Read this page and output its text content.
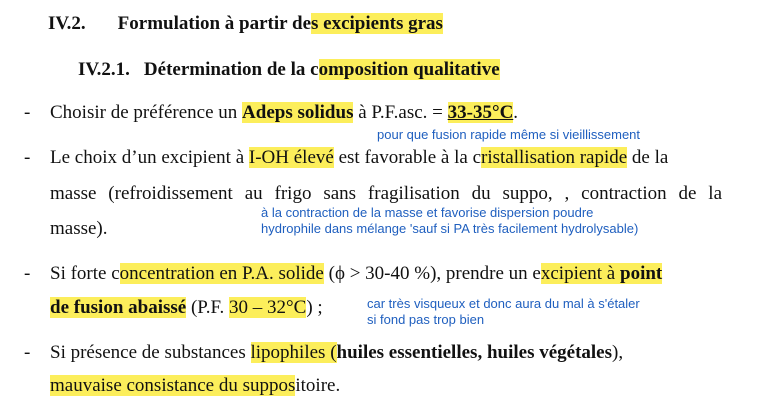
IV.2. Formulation à partir des excipients gras
IV.2.1. Détermination de la composition qualitative
- Choisir de préférence un Adeps solidus à P.F.asc. = 33-35°C.
pour que fusion rapide même si vieillissement
- Le choix d’un excipient à I-OH élevé est favorable à la cristallisation rapide de la
masse (refroidissement au frigo sans fragilisation du suppo, , contraction de la
masse).
à la contraction de la masse et favorise dispersion poudre
hydrophile dans mélange 'sauf si PA très facilement hydrolysable)
- Si forte concentration en P.A. solide (ϕ > 30-40 %), prendre un excipient à point
de fusion abaissé (P.F. 30 – 32°C) ;	car très visqueux et donc aura du mal à s'étaler
si fond pas trop bien
- Si présence de substances lipophiles (huiles essentielles, huiles végétales),
mauvaise consistance du suppositoire.
